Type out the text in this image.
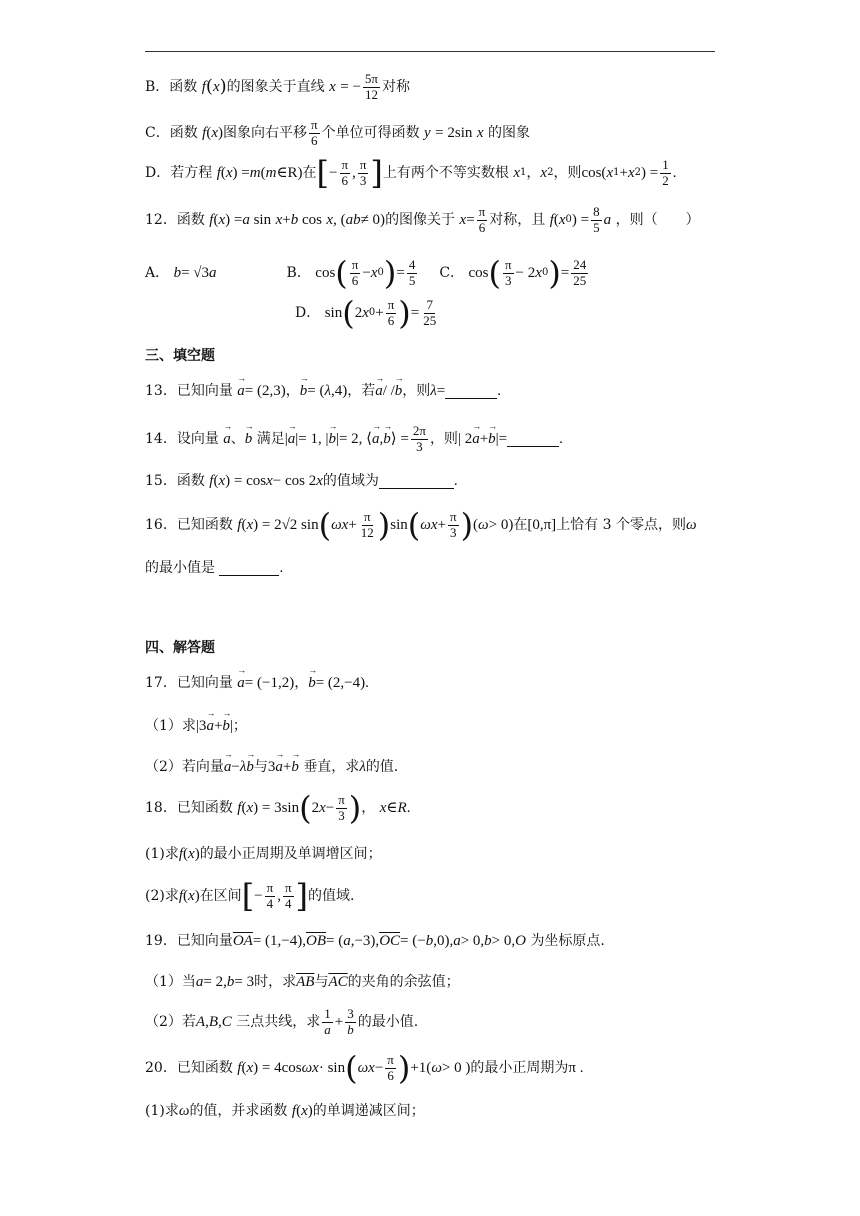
B．函数
f ( x ) 的图象关于直线
x
= − $\frac{5\pi}{12}$ 对称
C．函数
f ( x ) 图象向右平移 $\frac{\pi}{6}$ 个单位可得函数
y
= 2sin
x
的图象
D．若方程
f ( x ) = m ( m ∈R) 在 [ − $\frac{\pi}{6}$ , $\frac{\pi}{3}$ ] 上有两个不等实数根
x 1 ， x 2 ，则 cos( x 1 + x 2 ) = $\frac{1}{2}$ .
12．函数
f ( x ) = a sin
x + b cos
x , ( ab ≠ 0) 的图像关于
$x = \frac{\pi}{6}$ 对称，且
f ( x 0 ) = $\frac{8}{5}$ a
，则（　　）
A．
b = √3 a	B．
cos ( $\frac{\pi}{6} - x$ 0 ) = $\frac{4}{5}$ C．
cos ( $\frac{\pi}{3} - 2$ x 0 ) = $\frac{24}{25}$
D．
sin ( 2 x $0 + \frac{\pi}{6}$ ) = $\frac{7}{25}$
三、填空题
13．已知向量
→ a = (2,3) ， → b = ( λ ,4) ，若 → a / / → b ，则 λ =	.
14．设向量
→ a 、 → b
满足 | → a |= 1, | → b |= 2, ⟨ → a , → b ⟩ = $\frac{2\pi}{3}$ ，则 | 2 → a + → b |=	.
15．函数
f ( x ) = cos x − cos 2 x 的值域为	.
16．已知函数
f ( x ) = 2√2 sin ( $\omega x + \frac{\pi}{12}$ ) sin ( $\omega x + \frac{\pi}{3}$ ) ( ω > 0) 在 [0,π] 上恰有 3 个零点，则 ω
的最小值是
	.
四、解答题
17．已知向量
→ a = (−1,2) ， → b = (2,−4) .
（1）求 |3 → a + → b | ；
（2）若向量 → a − λ → b 与 3 → a + → b
垂直，求 λ 的值.
18．已知函数
f ( x ) = 3sin ( 2 $x - \frac{\pi}{3}$ ) ，
x ∈ R .
(1)求 f ( x ) 的最小正周期及单调增区间；
(2)求 f ( x ) 在区间 [ − $\frac{\pi}{4}$ , $\frac{\pi}{4}$ ] 的值域.
19．已知向量 $\overline{OA} = (1,-4)$, $\overline{OB}$ = ( a ,−3), $\overline{OC}$ = (− b ,0), a > 0, b > 0, O
为坐标原点.
（1）当 a = 2, b = 3 时，求 $\overline{AB}$ 与 $\overline{AC}$ 的夹角的余弦值；
（2）若 A , B , C
三点共线，求 $\frac{1}{a} + \frac{3}{b}$ 的最小值.
20．已知函数
f ( x ) = 4cos ωx · sin ( $\omega x - \frac{\pi}{6}$ ) +1( ω > 0 ) 的最小正周期为 π .
(1)求 ω 的值，并求函数
f ( x ) 的单调递减区间；
